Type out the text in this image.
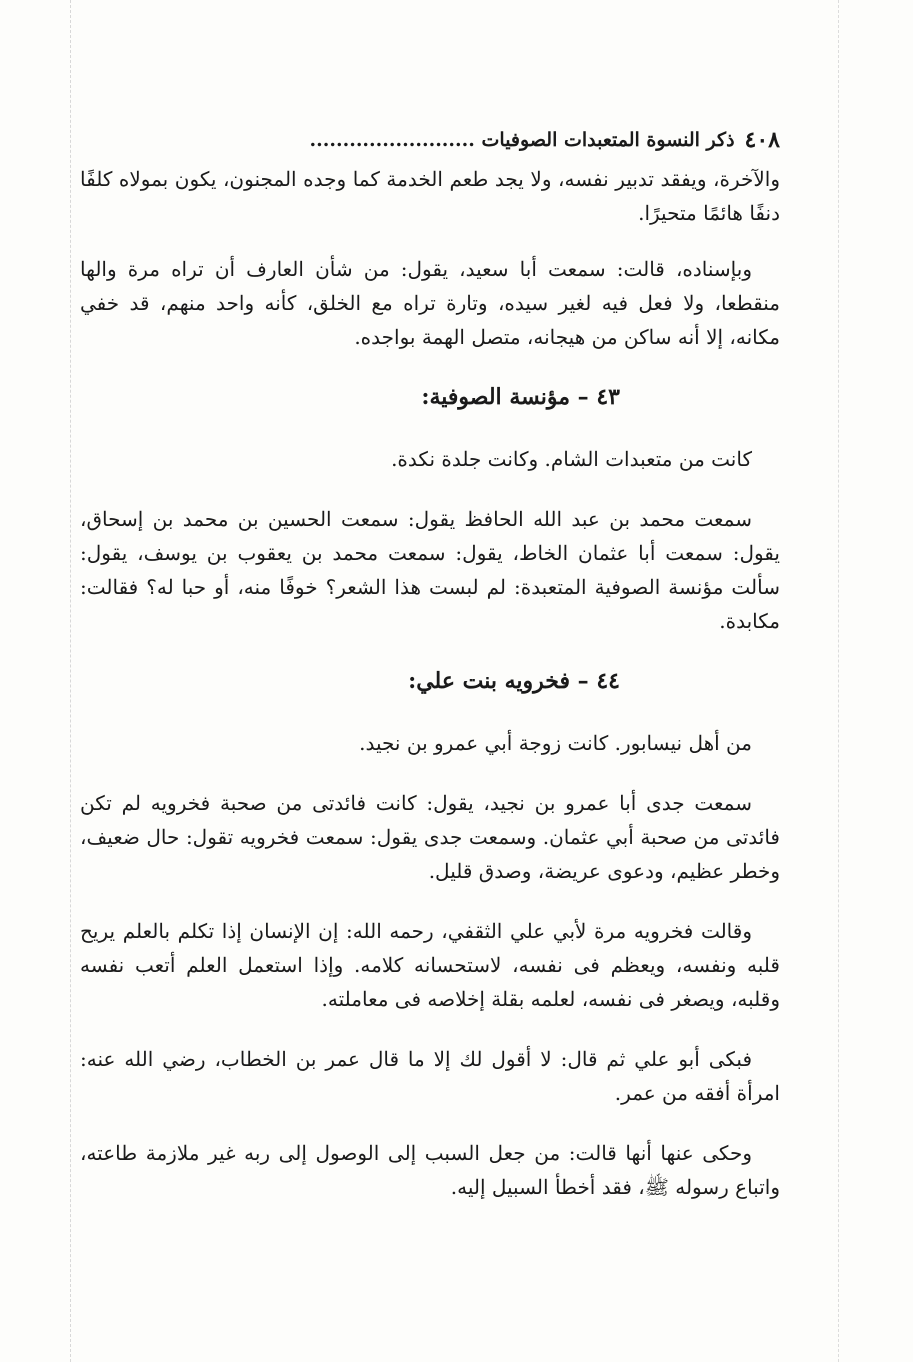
٤٠٨
ذكر النسوة المتعبدات الصوفيات .........................

والآخرة، ويفقد تدبير نفسه، ولا يجد طعم الخدمة كما وجده المجنون، يكون بمولاه كلفًا دنفًا هائمًا متحيرًا.

وبإسناده، قالت: سمعت أبا سعيد، يقول: من شأن العارف أن تراه مرة والها منقطعا، ولا فعل فيه لغير سيده، وتارة تراه مع الخلق، كأنه واحد منهم، قد خفي مكانه، إلا أنه ساكن من هيجانه، متصل الهمة بواجده.

٤٣ – مؤنسة الصوفية:

كانت من متعبدات الشام. وكانت جلدة نكدة.

سمعت محمد بن عبد الله الحافظ يقول: سمعت الحسين بن محمد بن إسحاق، يقول: سمعت أبا عثمان الخاط، يقول: سمعت محمد بن يعقوب بن يوسف، يقول: سألت مؤنسة الصوفية المتعبدة: لم لبست هذا الشعر؟ خوفًا منه، أو حبا له؟ فقالت: مكابدة.

٤٤ – فخرويه بنت علي:

من أهل نيسابور. كانت زوجة أبي عمرو بن نجيد.

سمعت جدى أبا عمرو بن نجيد، يقول: كانت فائدتى من صحبة فخرويه لم تكن فائدتى من صحبة أبي عثمان. وسمعت جدى يقول: سمعت فخرويه تقول: حال ضعيف، وخطر عظيم، ودعوى عريضة، وصدق قليل.

وقالت فخرويه مرة لأبي علي الثقفي، رحمه الله: إن الإنسان إذا تكلم بالعلم يريح قلبه ونفسه، ويعظم فى نفسه، لاستحسانه كلامه. وإذا استعمل العلم أتعب نفسه وقلبه، ويصغر فى نفسه، لعلمه بقلة إخلاصه فى معاملته.

فبكى أبو علي ثم قال: لا أقول لك إلا ما قال عمر بن الخطاب، رضي الله عنه: امرأة أفقه من عمر.

وحكى عنها أنها قالت: من جعل السبب إلى الوصول إلى ربه غير ملازمة طاعته، واتباع رسوله ﷺ، فقد أخطأ السبيل إليه.
